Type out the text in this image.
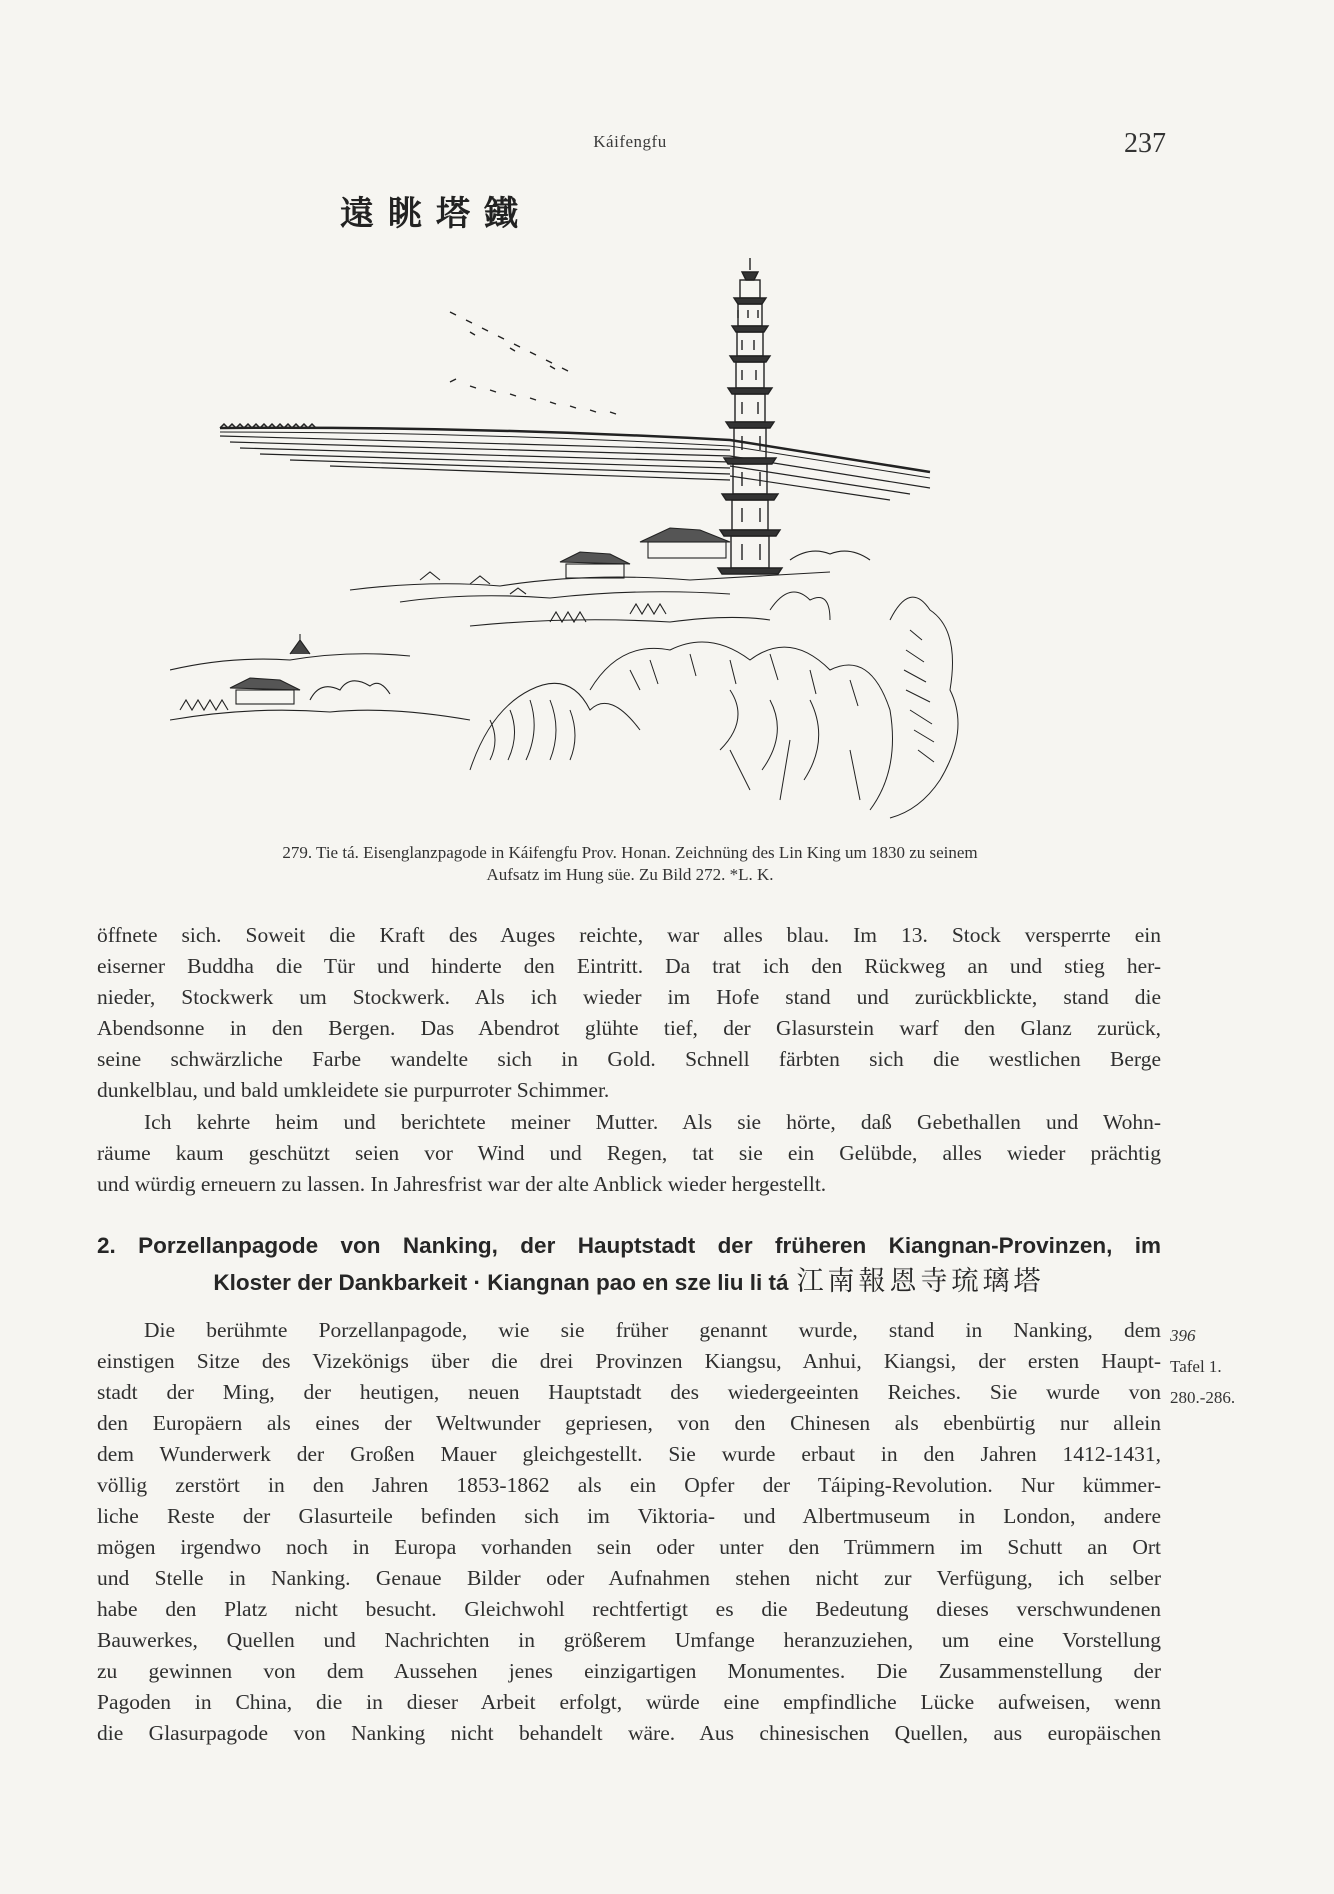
Káifengfu	237
遠眺塔鐵
279. Tie tá. Eisenglanzpagode in Káifengfu Prov. Honan. Zeichnüng des Lin King um 1830 zu seinem
Aufsatz im Hung süe. Zu Bild 272. *L. K.
öffnete sich. Soweit die Kraft des Auges reichte, war alles blau. Im 13. Stock versperrte ein
eiserner Buddha die Tür und hinderte den Eintritt. Da trat ich den Rückweg an und stieg her-
nieder, Stockwerk um Stockwerk. Als ich wieder im Hofe stand und zurückblickte, stand die
Abendsonne in den Bergen. Das Abendrot glühte tief, der Glasurstein warf den Glanz zurück,
seine schwärzliche Farbe wandelte sich in Gold. Schnell färbten sich die westlichen Berge
dunkelblau, und bald umkleidete sie purpurroter Schimmer.
Ich kehrte heim und berichtete meiner Mutter. Als sie hörte, daß Gebethallen und Wohn-
räume kaum geschützt seien vor Wind und Regen, tat sie ein Gelübde, alles wieder prächtig
und würdig erneuern zu lassen. In Jahresfrist war der alte Anblick wieder hergestellt.
2. Porzellanpagode von Nanking, der Hauptstadt der früheren Kiangnan-Provinzen, im
Kloster der Dankbarkeit · Kiangnan pao en sze liu li tá 江南報恩寺琉璃塔
Die berühmte Porzellanpagode, wie sie früher genannt wurde, stand in Nanking, dem
einstigen Sitze des Vizekönigs über die drei Provinzen Kiangsu, Anhui, Kiangsi, der ersten Haupt-
stadt der Ming, der heutigen, neuen Hauptstadt des wiedergeeinten Reiches. Sie wurde von
den Europäern als eines der Weltwunder gepriesen, von den Chinesen als ebenbürtig nur allein
dem Wunderwerk der Großen Mauer gleichgestellt. Sie wurde erbaut in den Jahren 1412-1431,
völlig zerstört in den Jahren 1853-1862 als ein Opfer der Táiping-Revolution. Nur kümmer-
liche Reste der Glasurteile befinden sich im Viktoria- und Albertmuseum in London, andere
mögen irgendwo noch in Europa vorhanden sein oder unter den Trümmern im Schutt an Ort
und Stelle in Nanking. Genaue Bilder oder Aufnahmen stehen nicht zur Verfügung, ich selber
habe den Platz nicht besucht. Gleichwohl rechtfertigt es die Bedeutung dieses verschwundenen
Bauwerkes, Quellen und Nachrichten in größerem Umfange heranzuziehen, um eine Vorstellung
zu gewinnen von dem Aussehen jenes einzigartigen Monumentes. Die Zusammenstellung der
Pagoden in China, die in dieser Arbeit erfolgt, würde eine empfindliche Lücke aufweisen, wenn
die Glasurpagode von Nanking nicht behandelt wäre. Aus chinesischen Quellen, aus europäischen
396
Tafel 1.
280.-286.
